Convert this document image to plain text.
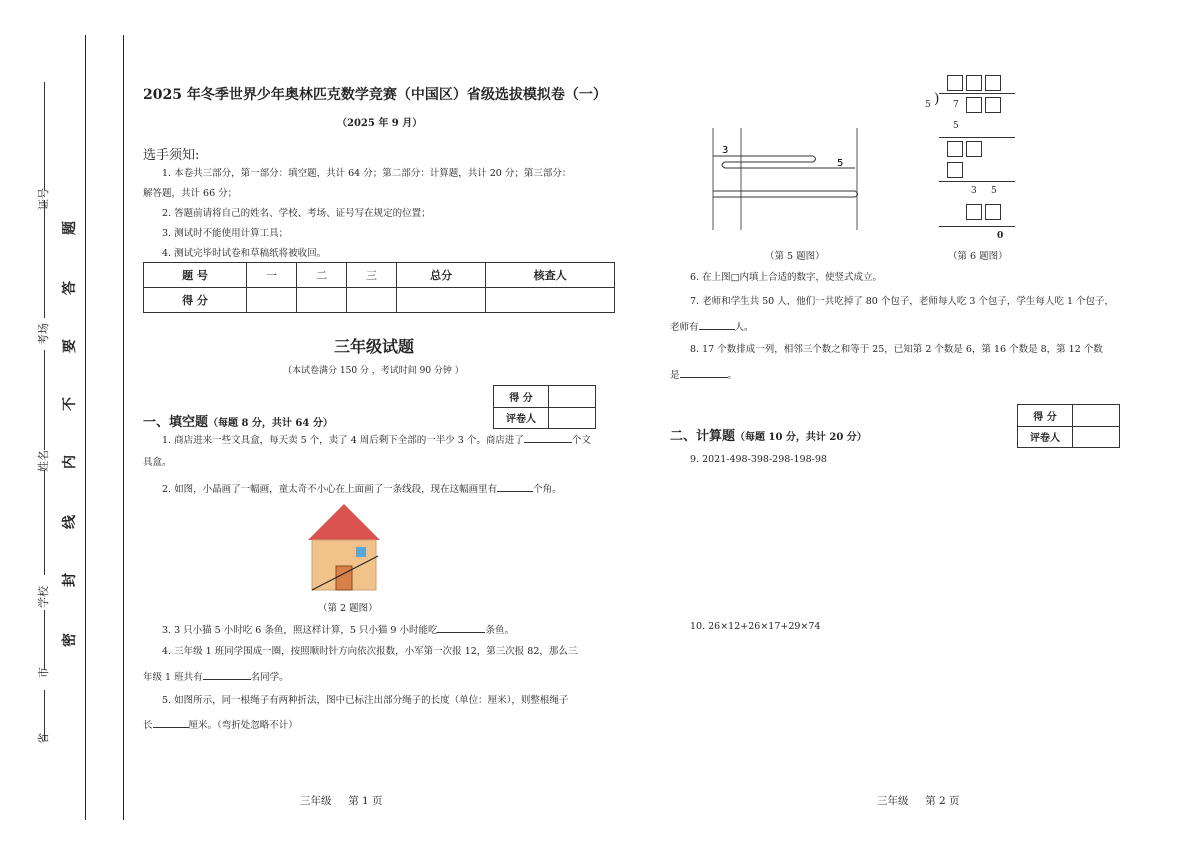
证号
考场
姓名
学校
市
省
题
答
要
不
内
线
封
密
2025 年冬季世界少年奥林匹克数学竞赛（中国区）省级选拔模拟卷（一）
（2025 年 9 月）
选手须知:
1. 本卷共三部分，第一部分：填空题，共计 64 分；第二部分：计算题，共计 20 分；第三部分：
解答题，共计 66 分；
2. 答题前请将自己的姓名、学校、考场、证号写在规定的位置；
3. 测试时不能使用计算工具；
4. 测试完毕时试卷和草稿纸将被收回。
题 号	一	二	三	总分	核查人
得 分					
三年级试题
（本试卷满分 150 分 ，考试时间 90 分钟 ）
得 分	
评卷人	
一、填空题（每题 8 分，共计 64 分）
1. 商店进来一些文具盒，每天卖 5 个，卖了 4 周后剩下全部的一半少 3 个。商店进了	个文
具盒。
2. 如图，小晶画了一幅画，童太奇不小心在上面画了一条线段，现在这幅画里有	个角。
（第 2 题图）
3. 3 只小猫 5 小时吃 6 条鱼，照这样计算，5 只小猫 9 小时能吃	条鱼。
4. 三年级 1 班同学围成一圈，按照顺时针方向依次报数，小军第一次报 12，第三次报 82，那么三
年级 1 班共有	名同学。
5. 如图所示，同一根绳子有两种折法，图中已标注出部分绳子的长度（单位：厘米），则整根绳子
长	厘米。（弯折处忽略不计）
三年级 第 1 页
3
5
（第 5 题图）
5 ) 7
5
3 5
0
（第 6 题图）
6. 在上图□内填上合适的数字，使竖式成立。
7. 老师和学生共 50 人，他们一共吃掉了 80 个包子，老师每人吃 3 个包子，学生每人吃 1 个包子，
老师有	人。
8. 17 个数排成一列，相邻三个数之和等于 25，已知第 2 个数是 6，第 16 个数是 8，第 12 个数
是	。
得 分	
评卷人	
二、计算题（每题 10 分，共计 20 分）
9. 2021-498-398-298-198-98
10. 26×12+26×17+29×74
三年级 第 2 页
